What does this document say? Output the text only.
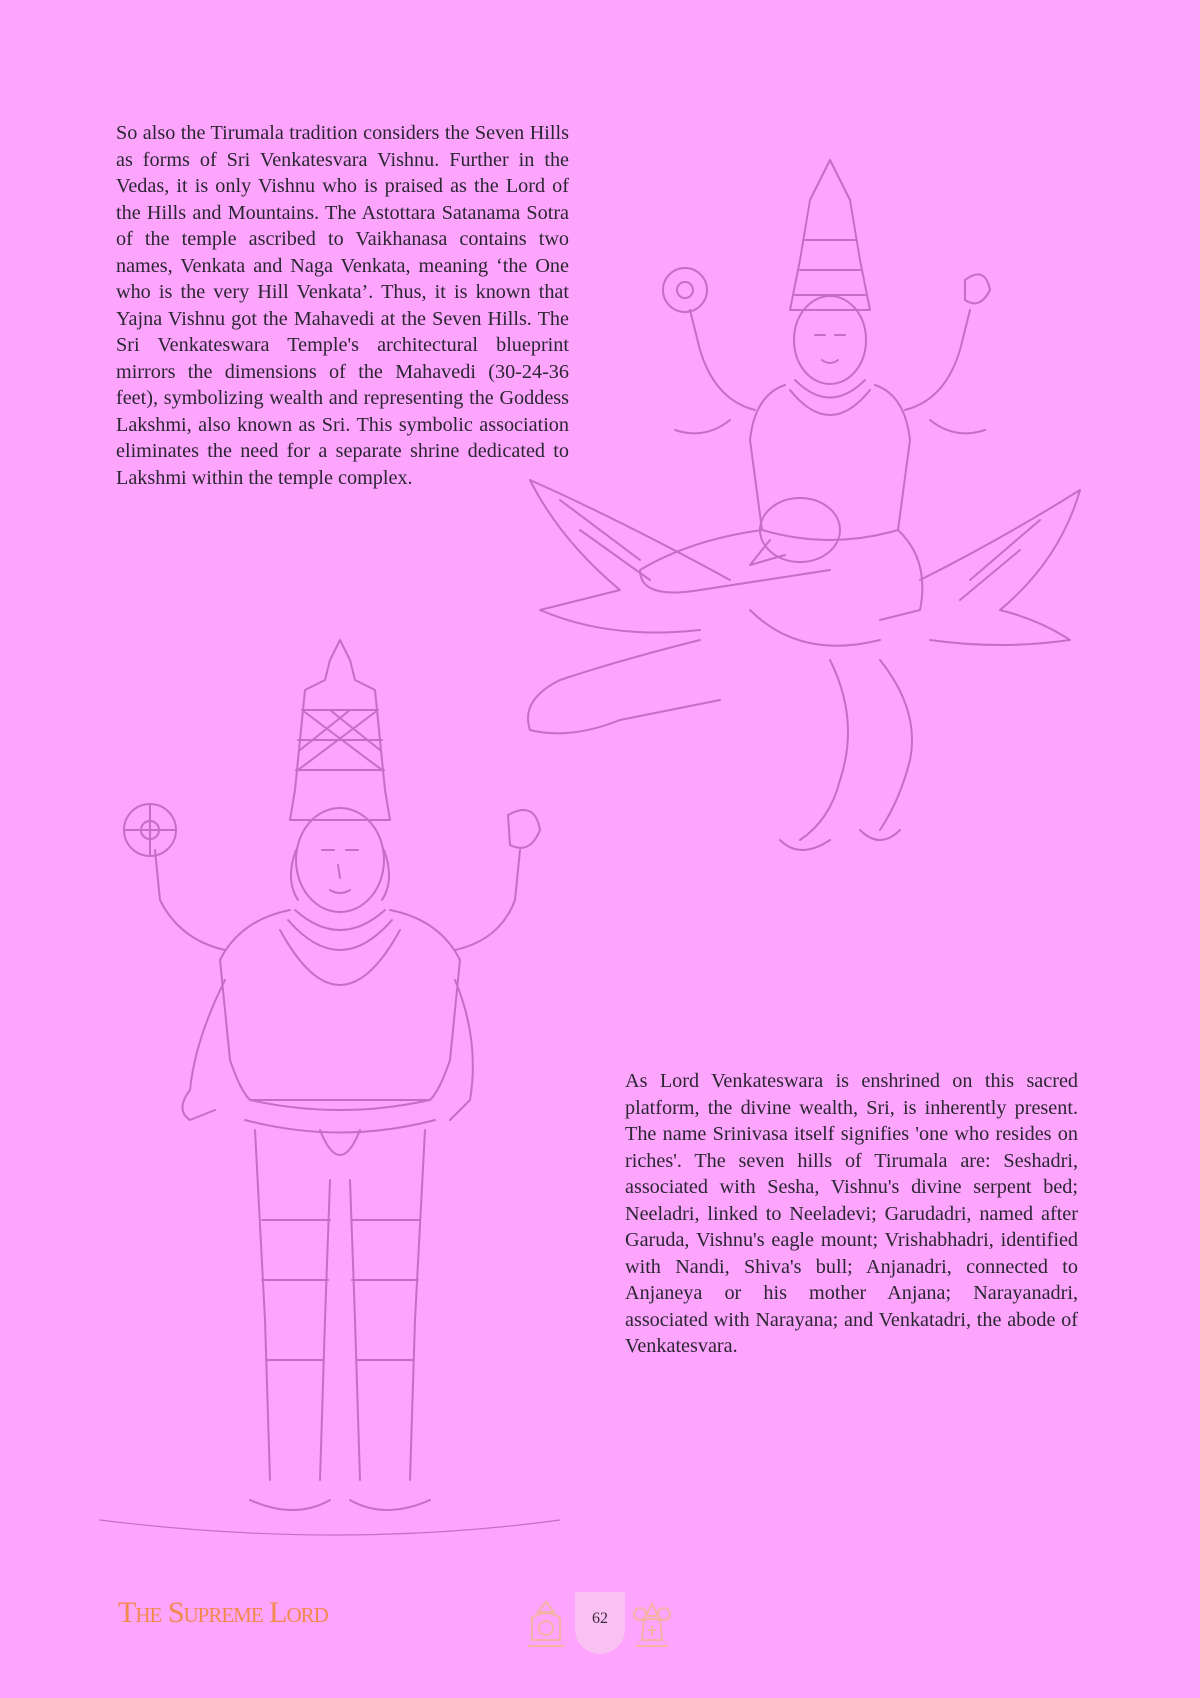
So also the Tirumala tradition considers the Seven Hills as forms of Sri Venkatesvara Vishnu. Further in the Vedas, it is only Vishnu who is praised as the Lord of the Hills and Mountains. The Astottara Satanama Sotra of the temple ascribed to Vaikhanasa contains two names, Venkata and Naga Venkata, meaning ‘the One who is the very Hill Venkata’. Thus, it is known that Yajna Vishnu got the Mahavedi at the Seven Hills. The Sri Venkateswara Temple's architectural blueprint mirrors the dimensions of the Mahavedi (30-24-36 feet), symbolizing wealth and representing the Goddess Lakshmi, also known as Sri. This symbolic association eliminates the need for a separate shrine dedicated to Lakshmi within the temple complex.

As Lord Venkateswara is enshrined on this sacred platform, the divine wealth, Sri, is inherently present. The name Srinivasa itself signifies 'one who resides on riches'. The seven hills of Tirumala are: Seshadri, associated with Sesha, Vishnu's divine serpent bed; Neeladri, linked to Neeladevi; Garudadri, named after Garuda, Vishnu's eagle mount; Vrishabhadri, identified with Nandi, Shiva's bull; Anjanadri, connected to Anjaneya or his mother Anjana; Narayanadri, associated with Narayana; and Venkatadri, the abode of Venkatesvara.

The Supreme Lord	62
